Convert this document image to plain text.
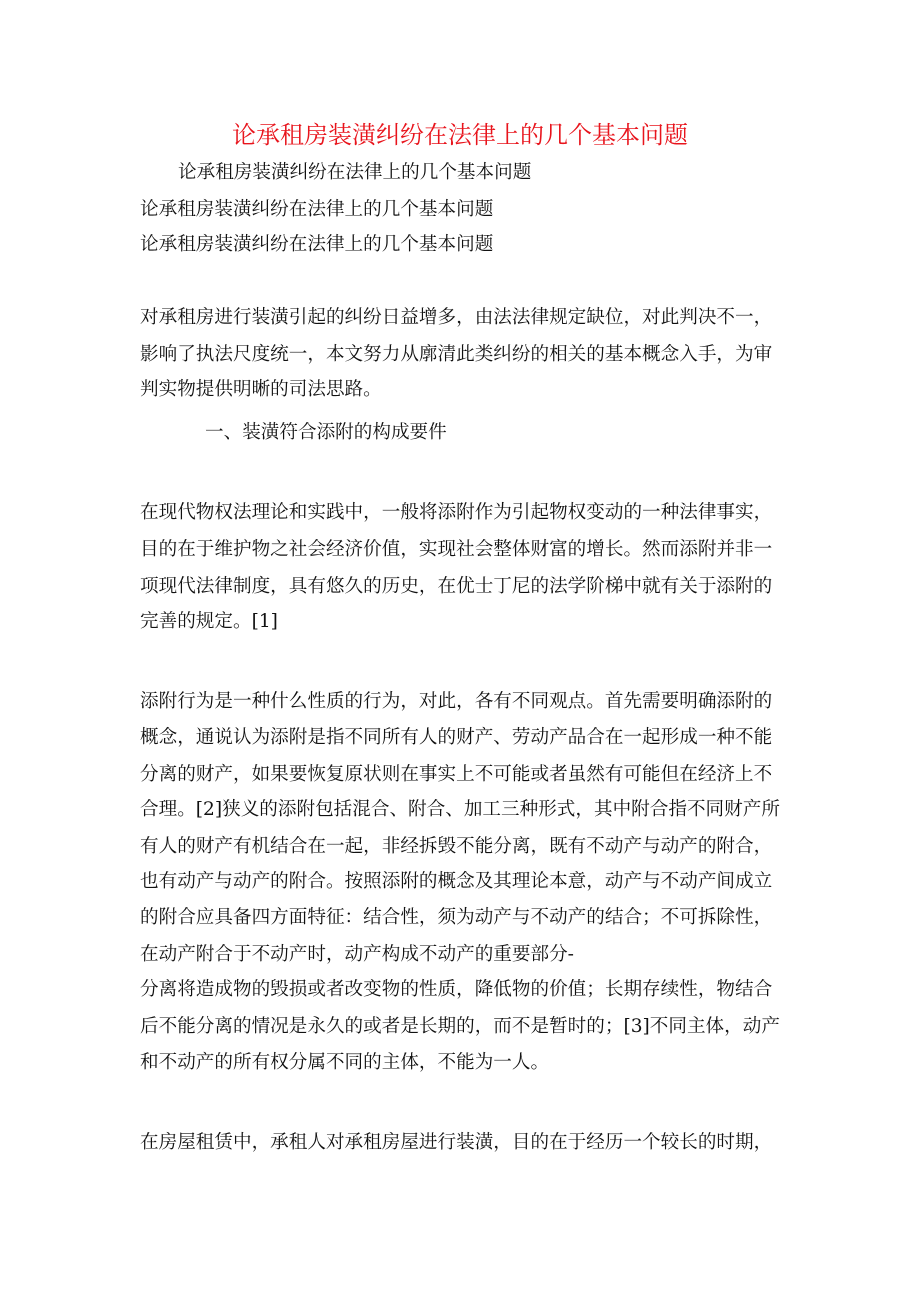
论承租房装潢纠纷在法律上的几个基本问题
论承租房装潢纠纷在法律上的几个基本问题
论承租房装潢纠纷在法律上的几个基本问题
论承租房装潢纠纷在法律上的几个基本问题
对承租房进行装潢引起的纠纷日益增多，由法法律规定缺位，对此判决不一，
影响了执法尺度统一，本文努力从廓清此类纠纷的相关的基本概念入手，为审
判实物提供明晰的司法思路。
一、装潢符合添附的构成要件
在现代物权法理论和实践中，一般将添附作为引起物权变动的一种法律事实，
目的在于维护物之社会经济价值，实现社会整体财富的增长。然而添附并非一
项现代法律制度，具有悠久的历史，在优士丁尼的法学阶梯中就有关于添附的
完善的规定。[1]
添附行为是一种什么性质的行为，对此，各有不同观点。首先需要明确添附的
概念，通说认为添附是指不同所有人的财产、劳动产品合在一起形成一种不能
分离的财产，如果要恢复原状则在事实上不可能或者虽然有可能但在经济上不
合理。[2]狭义的添附包括混合、附合、加工三种形式，其中附合指不同财产所
有人的财产有机结合在一起，非经拆毁不能分离，既有不动产与动产的附合，
也有动产与动产的附合。按照添附的概念及其理论本意，动产与不动产间成立
的附合应具备四方面特征：结合性，须为动产与不动产的结合；不可拆除性，
在动产附合于不动产时，动产构成不动产的重要部分-
分离将造成物的毁损或者改变物的性质，降低物的价值；长期存续性，物结合
后不能分离的情况是永久的或者是长期的，而不是暂时的；[3]不同主体，动产
和不动产的所有权分属不同的主体，不能为一人。
在房屋租赁中，承租人对承租房屋进行装潢，目的在于经历一个较长的时期，
